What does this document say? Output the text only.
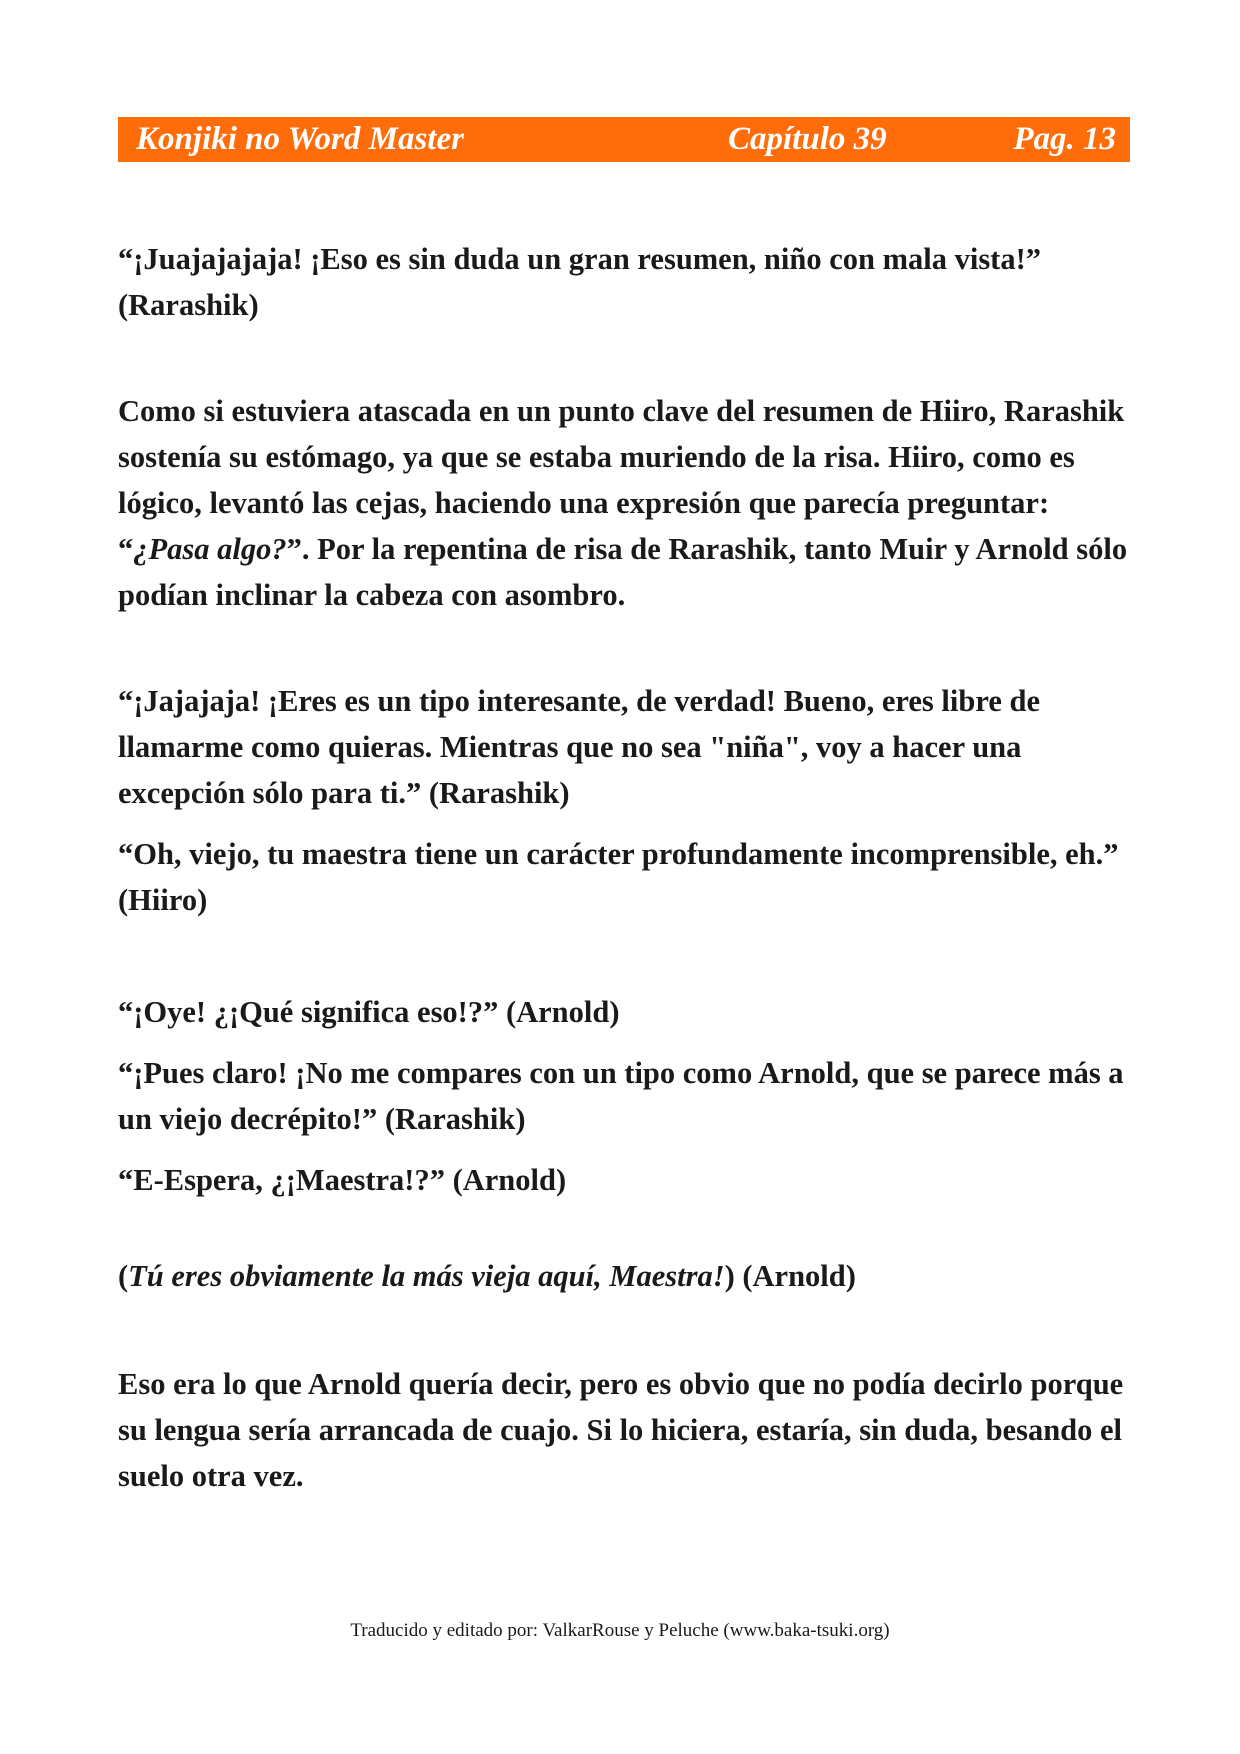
Konjiki no Word Master	Capítulo 39	Pag. 13

“¡Juajajajaja! ¡Eso es sin duda un gran resumen, niño con mala vista!” (Rarashik)

Como si estuviera atascada en un punto clave del resumen de Hiiro, Rarashik sostenía su estómago, ya que se estaba muriendo de la risa. Hiiro, como es lógico, levantó las cejas, haciendo una expresión que parecía preguntar: “¿Pasa algo?”. Por la repentina de risa de Rarashik, tanto Muir y Arnold sólo podían inclinar la cabeza con asombro.

“¡Jajajaja! ¡Eres es un tipo interesante, de verdad! Bueno, eres libre de llamarme como quieras. Mientras que no sea "niña", voy a hacer una excepción sólo para ti.” (Rarashik)

“Oh, viejo, tu maestra tiene un carácter profundamente incomprensible, eh.” (Hiiro)

“¡Oye! ¿¡Qué significa eso!?” (Arnold)

“¡Pues claro! ¡No me compares con un tipo como Arnold, que se parece más a un viejo decrépito!” (Rarashik)

“E-Espera, ¿¡Maestra!?” (Arnold)

(Tú eres obviamente la más vieja aquí, Maestra!) (Arnold)

Eso era lo que Arnold quería decir, pero es obvio que no podía decirlo porque su lengua sería arrancada de cuajo. Si lo hiciera, estaría, sin duda, besando el suelo otra vez.

Traducido y editado por: ValkarRouse y Peluche (www.baka-tsuki.org)
